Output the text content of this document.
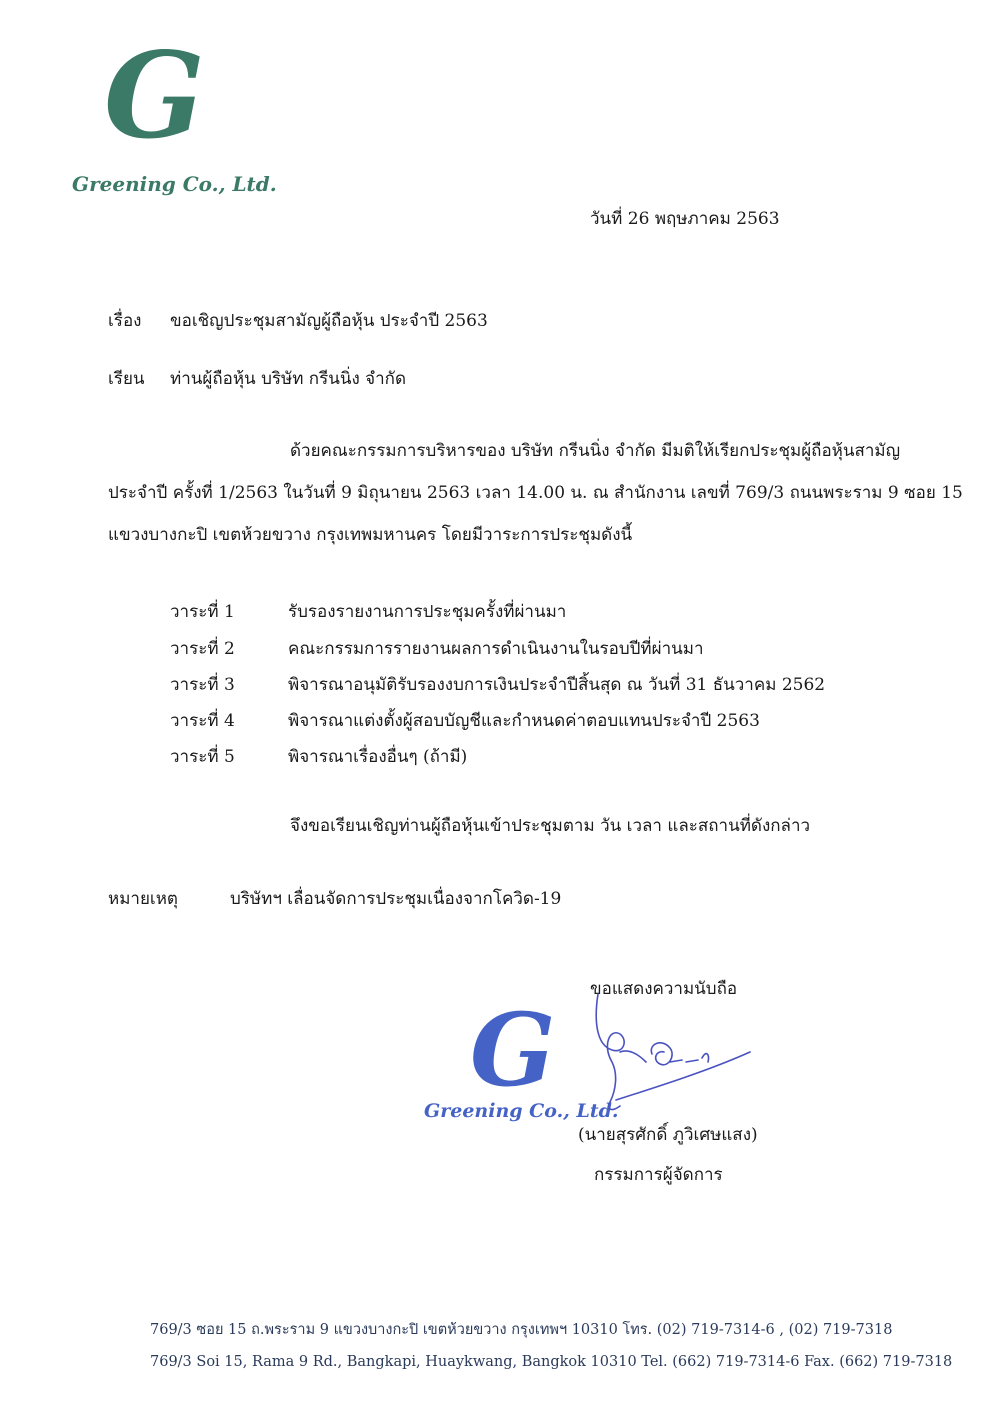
G
Greening Co., Ltd.
วันที่ 26 พฤษภาคม 2563
เรื่อง ขอเชิญประชุมสามัญผู้ถือหุ้น ประจำปี 2563
เรียน ท่านผู้ถือหุ้น บริษัท กรีนนิ่ง จำกัด
ด้วยคณะกรรมการบริหารของ บริษัท กรีนนิ่ง จำกัด มีมติให้เรียกประชุมผู้ถือหุ้นสามัญ
ประจำปี ครั้งที่ 1/2563 ในวันที่ 9 มิถุนายน 2563 เวลา 14.00 น. ณ สำนักงาน เลขที่ 769/3 ถนนพระราม 9 ซอย 15
แขวงบางกะปิ เขตห้วยขวาง กรุงเทพมหานคร โดยมีวาระการประชุมดังนี้
วาระที่ 1	รับรองรายงานการประชุมครั้งที่ผ่านมา
วาระที่ 2	คณะกรรมการรายงานผลการดำเนินงานในรอบปีที่ผ่านมา
วาระที่ 3	พิจารณาอนุมัติรับรองงบการเงินประจำปีสิ้นสุด ณ วันที่ 31 ธันวาคม 2562
วาระที่ 4	พิจารณาแต่งตั้งผู้สอบบัญชีและกำหนดค่าตอบแทนประจำปี 2563
วาระที่ 5	พิจารณาเรื่องอื่นๆ (ถ้ามี)
จึงขอเรียนเชิญท่านผู้ถือหุ้นเข้าประชุมตาม วัน เวลา และสถานที่ดังกล่าว
หมายเหตุ	บริษัทฯ เลื่อนจัดการประชุมเนื่องจากโควิด-19
ขอแสดงความนับถือ
G
Greening Co., Ltd.
(นายสุรศักดิ์ ภูวิเศษแสง)
กรรมการผู้จัดการ
769/3 ซอย 15 ถ.พระราม 9 แขวงบางกะปิ เขตห้วยขวาง กรุงเทพฯ 10310 โทร. (02) 719-7314-6 , (02) 719-7318
769/3 Soi 15, Rama 9 Rd., Bangkapi, Huaykwang, Bangkok 10310 Tel. (662) 719-7314-6 Fax. (662) 719-7318
